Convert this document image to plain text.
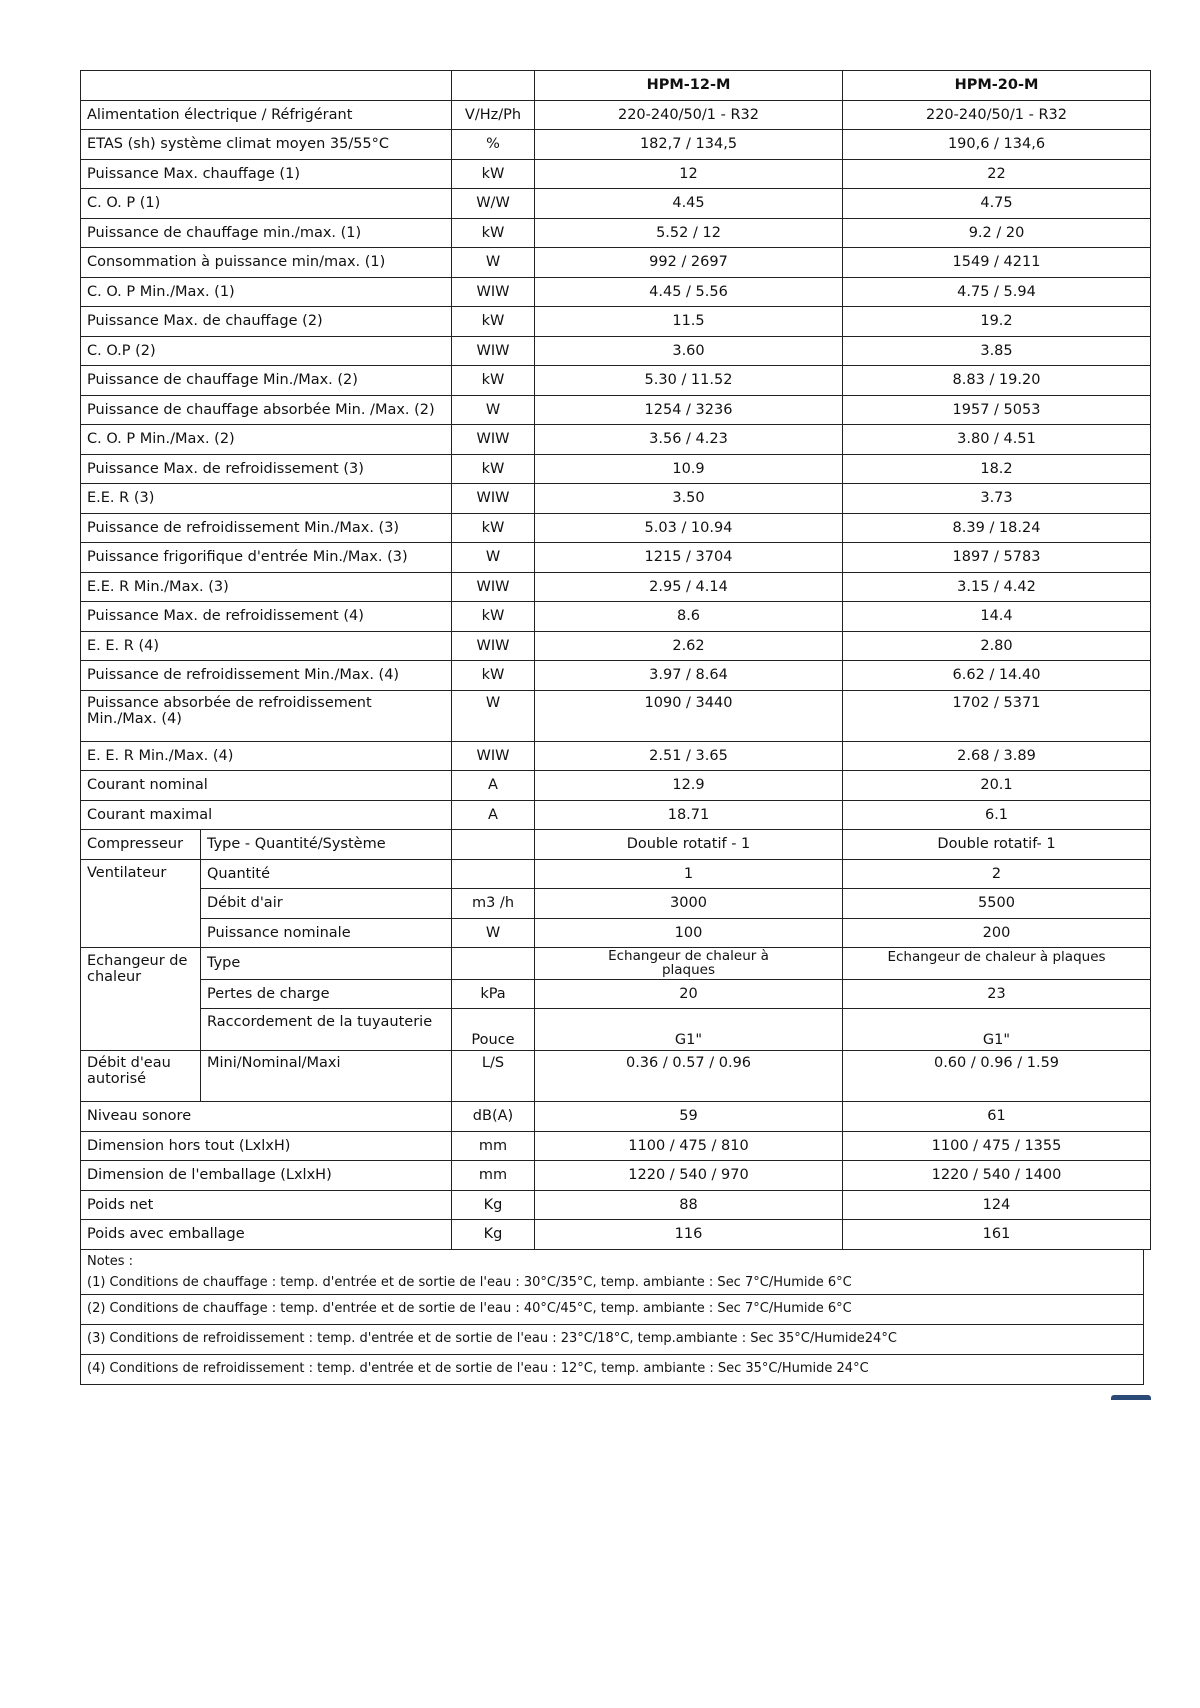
			HPM-12-M	HPM-20-M
Alimentation électrique / Réfrigérant		V/Hz/Ph	220-240/50/1 - R32	220-240/50/1 - R32
ETAS (sh) système climat moyen 35/55°C		%	182,7 / 134,5	190,6 / 134,6
Puissance Max. chauffage (1)		kW	12	22
C. O. P (1)		W/W	4.45	4.75
Puissance de chauffage min./max. (1)		kW	5.52 / 12	9.2 / 20
Consommation à puissance min/max. (1)		W	992 / 2697	1549 / 4211
C. O. P Min./Max. (1)		WIW	4.45 / 5.56	4.75 / 5.94
Puissance Max. de chauffage (2)		kW	11.5	19.2
C. O.P (2)		WIW	3.60	3.85
Puissance de chauffage Min./Max. (2)		kW	5.30 / 11.52	8.83 / 19.20
Puissance de chauffage absorbée Min. /Max. (2)		W	1254 / 3236	1957 / 5053
C. O. P Min./Max. (2)		WIW	3.56 / 4.23	3.80 / 4.51
Puissance Max. de refroidissement (3)		kW	10.9	18.2
E.E. R (3)		WIW	3.50	3.73
Puissance de refroidissement Min./Max. (3)		kW	5.03 / 10.94	8.39 / 18.24
Puissance frigorifique d'entrée Min./Max. (3)		W	1215 / 3704	1897 / 5783
E.E. R Min./Max. (3)		WIW	2.95 / 4.14	3.15 / 4.42
Puissance Max. de refroidissement (4)		kW	8.6	14.4
E. E. R (4)		WIW	2.62	2.80
Puissance de refroidissement Min./Max. (4)		kW	3.97 / 8.64	6.62 / 14.40
Puissance absorbée de refroidissement Min./Max. (4)		W	1090 / 3440	1702 / 5371
E. E. R Min./Max. (4)		WIW	2.51 / 3.65	2.68 / 3.89
Courant nominal		A	12.9	20.1
Courant maximal		A	18.71	6.1
Compresseur	Type - Quantité/Système		Double rotatif - 1	Double rotatif- 1
Ventilateur	Quantité		1	2
	Débit d'air	m3 /h	3000	5500
	Puissance nominale	W	100	200
Echangeur de chaleur	Type		Echangeur de chaleur à plaques	Echangeur de chaleur à plaques
	Pertes de charge	kPa	20	23
	Raccordement de la tuyauterie	Pouce	G1"	G1"
Débit d'eau autorisé	Mini/Nominal/Maxi	L/S	0.36 / 0.57 / 0.96	0.60 / 0.96 / 1.59
Niveau sonore		dB(A)	59	61
Dimension hors tout (LxlxH)		mm	1100 / 475 / 810	1100 / 475 / 1355
Dimension de l'emballage (LxlxH)		mm	1220 / 540 / 970	1220 / 540 / 1400
Poids net		Kg	88	124
Poids avec emballage		Kg	116	161
Notes :
(1) Conditions de chauffage : temp. d'entrée et de sortie de l'eau : 30°C/35°C, temp. ambiante : Sec 7°C/Humide 6°C
(2) Conditions de chauffage : temp. d'entrée et de sortie de l'eau : 40°C/45°C, temp. ambiante : Sec 7°C/Humide 6°C
(3) Conditions de refroidissement : temp. d'entrée et de sortie de l'eau : 23°C/18°C, temp.ambiante : Sec 35°C/Humide24°C
(4) Conditions de refroidissement : temp. d'entrée et de sortie de l'eau : 12°C, temp. ambiante : Sec 35°C/Humide 24°C
